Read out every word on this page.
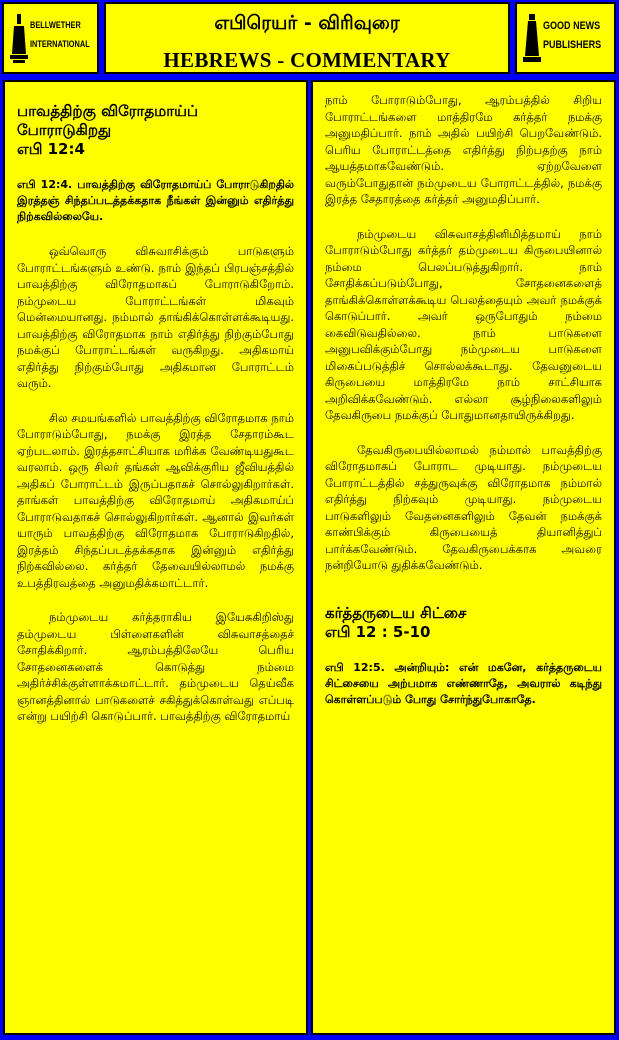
BELLWETHER
INTERNATIONAL
எபிரெயர் - விரிவுரை
HEBREWS - COMMENTARY
GOOD NEWS
PUBLISHERS
பாவத்திற்கு விரோதமாய்ப் போராடுகிறது
எபி 12:4

எபி 12:4. பாவத்திற்கு விரோதமாய்ப் போராடுகிறதில் இரத்தஞ் சிந்தப்படத்தக்கதாக நீங்கள் இன்னும் எதிர்த்து நிற்கவில்லையே.

ஒவ்வொரு விசுவாசிக்கும் பாடுகளும் போராட்டங்களும் உண்டு. நாம் இந்தப் பிரபஞ்சத்தில் பாவத்திற்கு விரோதமாகப் போராடுகிறோம். நம்முடைய போராட்டங்கள் மிகவும் மென்மையானது. நம்மால் தாங்கிக்கொள்ளக்கூடியது. பாவத்திற்கு விரோதமாக நாம் எதிர்த்து நிற்கும்போது நமக்குப் போராட்டங்கள் வருகிறது. அதிகமாய் எதிர்த்து நிற்கும்போது அதிகமான போராட்டம் வரும்.

சில சமயங்களில் பாவத்திற்கு விரோதமாக நாம் போராடும்போது, நமக்கு இரத்த சேதாரம்கூட ஏற்படலாம். இரத்தசாட்சியாக மரிக்க வேண்டியதுகூட வரலாம். ஒரு சிலர் தங்கள் ஆவிக்குரிய ஜீவியத்தில் அதிகப் போராட்டம் இருப்பதாகச் சொல்லுகிறார்கள். தாங்கள் பாவத்திற்கு விரோதமாய் அதிகமாய்ப் போராடுவதாகச் சொல்லுகிறார்கள். ஆனால் இவர்கள் யாரும் பாவத்திற்கு விரோதமாக போராடுகிறதில், இரத்தம் சிந்தப்படத்தக்கதாக இன்னும் எதிர்த்து நிற்கவில்லை. கர்த்தர் தேவையில்லாமல் நமக்கு உபத்திரவத்தை அனுமதிக்கமாட்டார்.

நம்முடைய கர்த்தராகிய இயேசுகிறிஸ்து தம்முடைய பிள்ளைகளின் விசுவாசத்தைச் சோதிக்கிறார். ஆரம்பத்திலேயே பெரிய சோதனைகளைக் கொடுத்து நம்மை அதிர்ச்சிக்குள்ளாக்கமாட்டார். தம்முடைய தெய்வீக ஞானத்தினால் பாடுகளைச் சகித்துக்கொள்வது எப்படி என்று பயிற்சி கொடுப்பார். பாவத்திற்கு விரோதமாய்

நாம் போராடும்போது, ஆரம்பத்தில் சிறிய போராட்டங்களை மாத்திரமே கர்த்தர் நமக்கு அனுமதிப்பார். நாம் அதில் பயிற்சி பெறவேண்டும். பெரிய போராட்டத்தை எதிர்த்து நிற்பதற்கு நாம் ஆயத்தமாகவேண்டும். ஏற்றவேளை வரும்போதுதான் நம்முடைய போராட்டத்தில், நமக்கு இரத்த சேதாரத்தை கர்த்தர் அனுமதிப்பார்.

நம்முடைய விசுவாசத்தினிமித்தமாய் நாம் போராடும்போது கர்த்தர் தம்முடைய கிருபையினால் நம்மை பெலப்படுத்துகிறார். நாம் சோதிக்கப்படும்போது, சோதனைகளைத் தாங்கிக்கொள்ளக்கூடிய பெலத்தையும் அவர் நமக்குக் கொடுப்பார். அவர் ஒருபோதும் நம்மை கைவிடுவதில்லை. நாம் பாடுகளை அனுபவிக்கும்போது நம்முடைய பாடுகளை மிகைப்படுத்திச் சொல்லக்கூடாது. தேவனுடைய கிருபையை மாத்திரமே நாம் சாட்சியாக அறிவிக்கவேண்டும். எல்லா சூழ்நிலைகளிலும் தேவகிருபை நமக்குப் போதுமானதாயிருக்கிறது.

தேவகிருபையில்லாமல் நம்மால் பாவத்திற்கு விரோதமாகப் போராட முடியாது. நம்முடைய போராட்டத்தில் சத்துருவுக்கு விரோதமாக நம்மால் எதிர்த்து நிற்கவும் முடியாது. நம்முடைய பாடுகளிலும் வேதனைகளிலும் தேவன் நமக்குக் காண்பிக்கும் கிருபையைத் தியானித்துப் பார்க்கவேண்டும். தேவகிருபைக்காக அவரை நன்றியோடு துதிக்கவேண்டும்.

கர்த்தருடைய சிட்சை
எபி 12 : 5-10

எபி 12:5. அன்றியும்: என் மகனே, கர்த்தருடைய சிட்சையை அற்பமாக எண்ணாதே, அவரால் கடிந்து கொள்ளப்படும் போது சோர்ந்துபோகாதே.
